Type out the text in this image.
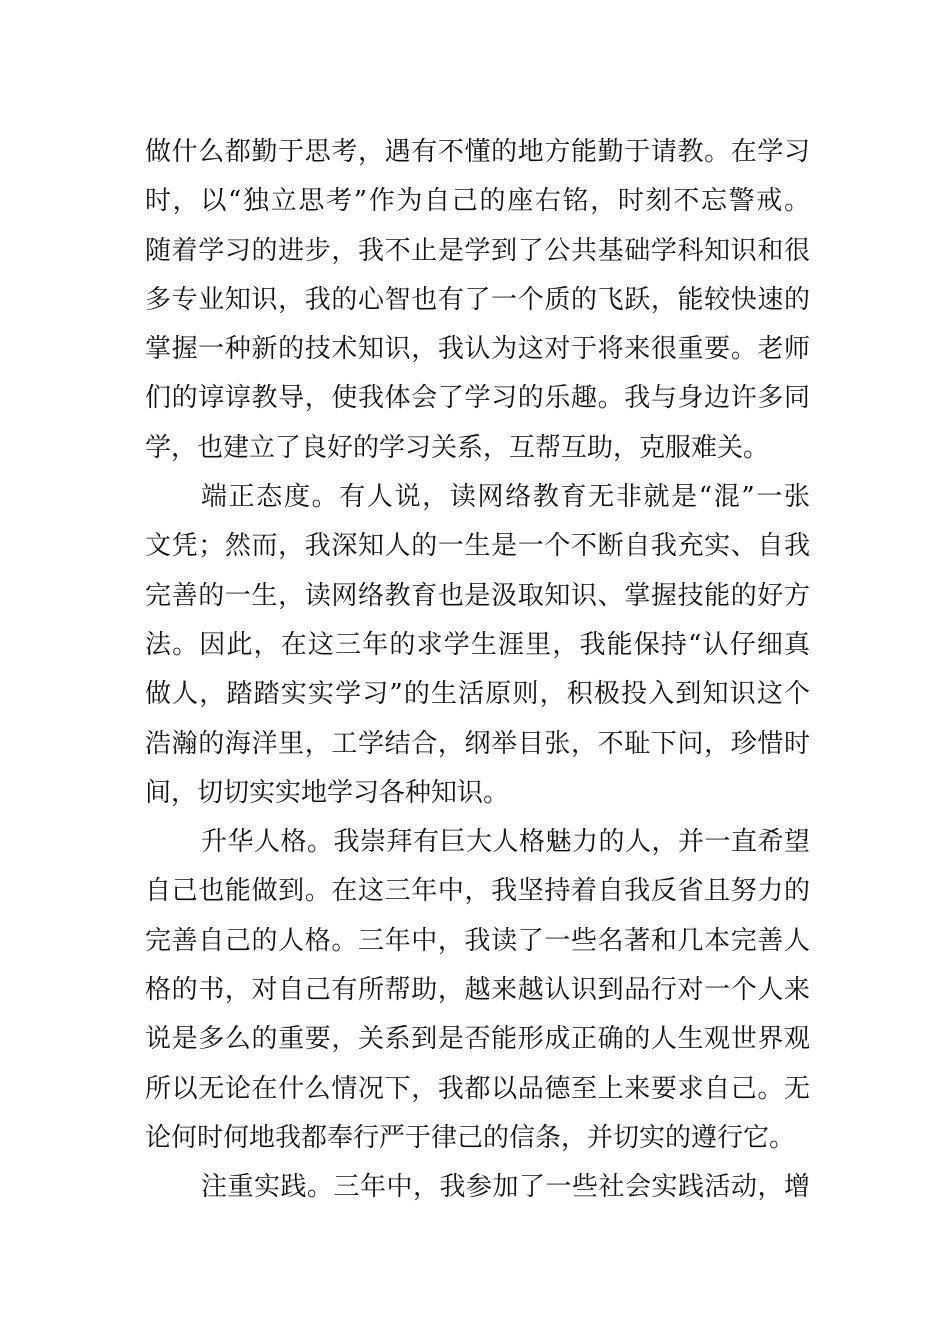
做什么都勤于思考，遇有不懂的地方能勤于请教。在学习
时，以“独立思考”作为自己的座右铭，时刻不忘警戒。
随着学习的进步，我不止是学到了公共基础学科知识和很
多专业知识，我的心智也有了一个质的飞跃，能较快速的
掌握一种新的技术知识，我认为这对于将来很重要。老师
们的谆谆教导，使我体会了学习的乐趣。我与身边许多同
学，也建立了良好的学习关系，互帮互助，克服难关。
端正态度。有人说，读网络教育无非就是“混”一张
文凭；然而，我深知人的一生是一个不断自我充实、自我
完善的一生，读网络教育也是汲取知识、掌握技能的好方
法。因此，在这三年的求学生涯里，我能保持“认仔细真
做人，踏踏实实学习”的生活原则，积极投入到知识这个
浩瀚的海洋里，工学结合，纲举目张，不耻下问，珍惜时
间，切切实实地学习各种知识。
升华人格。我崇拜有巨大人格魅力的人，并一直希望
自己也能做到。在这三年中，我坚持着自我反省且努力的
完善自己的人格。三年中，我读了一些名著和几本完善人
格的书，对自己有所帮助，越来越认识到品行对一个人来
说是多么的重要，关系到是否能形成正确的人生观世界观
所以无论在什么情况下，我都以品德至上来要求自己。无
论何时何地我都奉行严于律己的信条，并切实的遵行它。
注重实践。三年中，我参加了一些社会实践活动，增
